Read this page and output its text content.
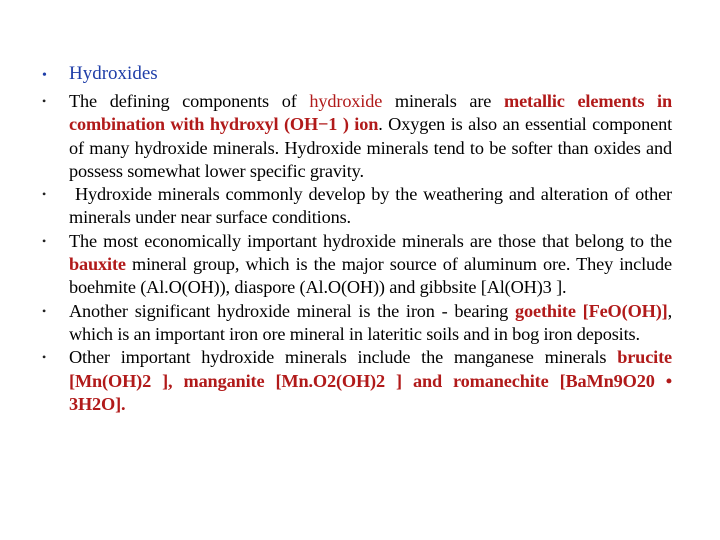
•	Hydroxides
•	The defining components of hydroxide minerals are metallic elements in combination with hydroxyl (OH−1 ) ion. Oxygen is also an essential component of many hydroxide minerals. Hydroxide minerals tend to be softer than oxides and possess somewhat lower specific gravity.
•	Hydroxide minerals commonly develop by the weathering and alteration of other minerals under near surface conditions.
•	The most economically important hydroxide minerals are those that belong to the bauxite mineral group, which is the major source of aluminum ore. They include boehmite (Al.O(OH)), diaspore (Al.O(OH)) and gibbsite [Al(OH)3 ].
•	Another significant hydroxide mineral is the iron - bearing goethite [FeO(OH)], which is an important iron ore mineral in lateritic soils and in bog iron deposits.
•	Other important hydroxide minerals include the manganese minerals brucite [Mn(OH)2 ], manganite [Mn.O2(OH)2 ] and romanechite [BaMn9O20 • 3H2O].
